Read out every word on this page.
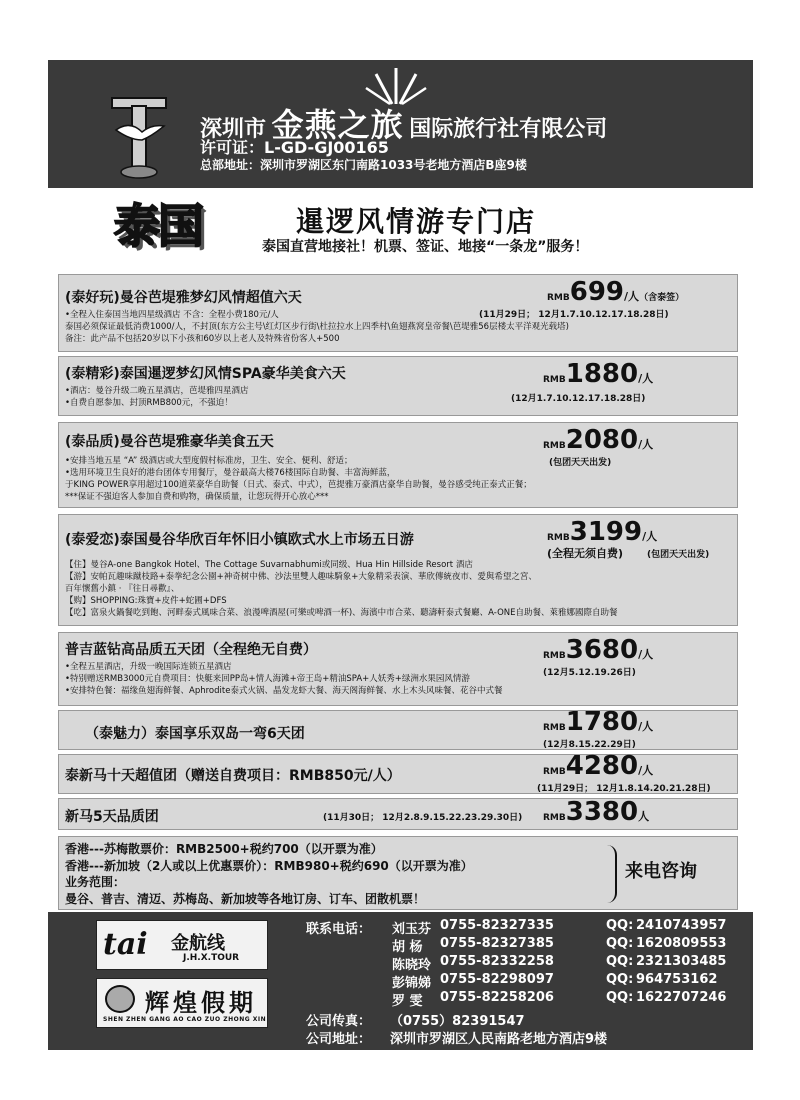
深圳市 金燕之旅 国际旅行社有限公司
许可证：L-GD-GJ00165
总部地址：深圳市罗湖区东门南路1033号老地方酒店B座9楼
泰国	暹逻风情游专门店
泰国直营地接社！机票、签证、地接“一条龙”服务！
(泰好玩)曼谷芭堤雅梦幻风情超值六天	RMB699/人（含泰签）
(11月29日； 12月1.7.10.12.17.18.28日)
•全程入住泰国当地四星级酒店 不含：全程小费180元/人
泰国必须保证最低消费1000/人，不封顶(东方公主号\红灯区步行街\杜拉拉水上四季村\鱼翅燕窝皇帝餐\芭堤雅56层楼太平洋观光载塔)
备注：此产品不包括20岁以下小孩和60岁以上老人及特殊省份客人+500
(泰精彩)泰国暹逻梦幻风情SPA豪华美食六天	RMB1880/人
(12月1.7.10.12.17.18.28日)
•酒店：曼谷升级二晚五星酒店，芭堤雅四星酒店
•自费自愿参加、封顶RMB800元，不强迫！
(泰品质)曼谷芭堤雅豪华美食五天	RMB2080/人
(包团天天出发)
•安排当地五星 “A” 级酒店或大型度假村标准房，卫生、安全、便利、舒适；
•选用环境卫生良好的港台团体专用餐厅，曼谷最高大楼76楼国际自助餐、丰富海鲜蓝，
于KING POWER享用超过100道菜豪华自助餐（日式、泰式、中式），芭提雅万豪酒店豪华自助餐，曼谷感受纯正泰式正餐；
***保证不强迫客人参加自费和购物，确保质量，让您玩得开心放心***
(泰爱恋)泰国曼谷华欣百年怀旧小镇欧式水上市场五日游	RMB3199/人
(全程无须自费)	(包团天天出发)
【住】曼谷A-one Bangkok Hotel、The Cottage Suvarnabhumi或同级、Hua Hin Hillside Resort 酒店
【游】安帕瓦趣味蹴枝路+泰拳纪念公園+神奇树中佛、沙法里雙人趣味騎象+大象精采表演、華欣傳統夜市、愛與希望之宮、
百年懷舊小鎮 · 『往日尋歡』、
【购】SHOPPING:珠寶+皮件+蛇圃+DFS
【吃】富泉火鍋餐吃到飽、河畔泰式風味合菜、浪漫啤酒屋(可樂或啤酒一杯)、海濱中市合菜、聽濤軒泰式餐廳、A-ONE自助餐、萊雅娜國際自助餐
普吉蓝钻高品质五天团（全程绝无自费）	RMB3680/人
(12月5.12.19.26日)
•全程五星酒店，升级一晚国际连锁五星酒店
•特别赠送RMB3000元自费项目：快艇来回PP岛+情人海滩+帝王岛+精油SPA+人妖秀+绿洲水果园风情游
•安排特色餐：福缘鱼翅海鲜餐、Aphrodite泰式火锅、晶发龙虾大餐、海天阁海鲜餐、水上木头风味餐、花谷中式餐
（泰魅力）泰国享乐双岛一弯6天团	RMB1780/人
(12月8.15.22.29日)
泰新马十天超值团（赠送自费项目：RMB850元/人）	RMB4280/人
(11月29日； 12月1.8.14.20.21.28日)
新马5天品质团	(11月30日； 12月2.8.9.15.22.23.29.30日) RMB3380人
香港---苏梅散票价：RMB2500+税约700（以开票为准）
香港---新加坡（2人或以上优惠票价）：RMB980+税约690（以开票为准）
业务范围：
曼谷、普吉、清迈、苏梅岛、新加坡等各地订房、订车、团散机票！
来电咨询
tai 金航线
J.H.X.TOUR
辉煌假期
SHEN ZHEN GANG AO CAO ZUO ZHONG XIN
联系电话： 刘玉芬 0755-82327335	QQ: 2410743957
胡 杨 0755-82327385	QQ: 1620809553
陈晓玲 0755-82332258	QQ: 2321303485
彭锦娣 0755-82298097	QQ: 964753162
罗 雯 0755-82258206	QQ: 1622707246
公司传真： （0755）82391547
公司地址： 深圳市罗湖区人民南路老地方酒店9楼
